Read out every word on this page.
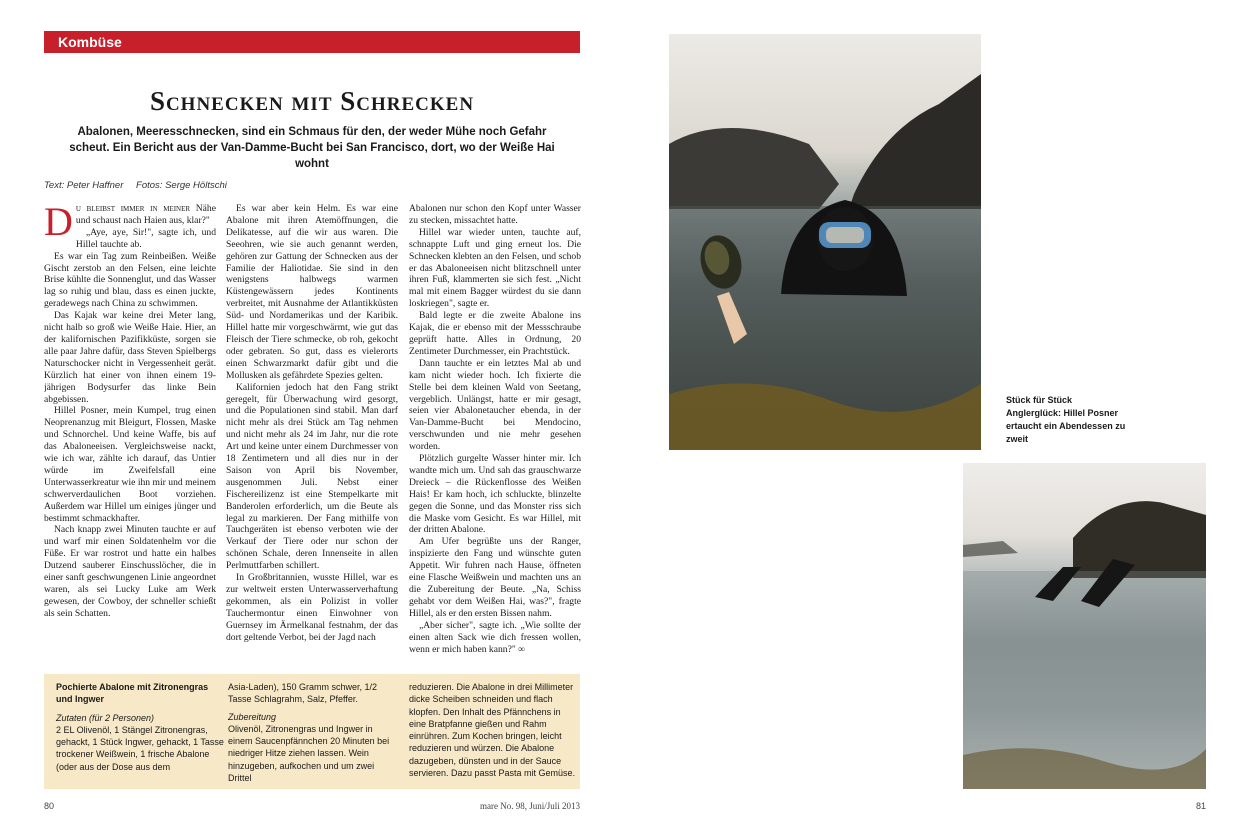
Kombüse
Schnecken mit Schrecken
Abalonen, Meeresschnecken, sind ein Schmaus für den, der weder Mühe noch Gefahr scheut. Ein Bericht aus der Van-Damme-Bucht bei San Francisco, dort, wo der Weiße Hai wohnt
Text: Peter Haffner Fotos: Serge Höltschi

Du bleibst immer in meiner Nähe und schaust nach Haien aus, klar?"

„Aye, aye, Sir!", sagte ich, und Hillel tauchte ab.

Es war ein Tag zum Reinbeißen. Weiße Gischt zerstob an den Felsen, eine leichte Brise kühlte die Sonnenglut, und das Wasser lag so ruhig und blau, dass es einen juckte, geradewegs nach China zu schwimmen.

Das Kajak war keine drei Meter lang, nicht halb so groß wie Weiße Haie. Hier, an der kalifornischen Pazifikküste, sorgen sie alle paar Jahre dafür, dass Steven Spielbergs Naturschocker nicht in Vergessenheit gerät. Kürzlich hat einer von ihnen einem 19-jährigen Bodysurfer das linke Bein abgebissen.

Hillel Posner, mein Kumpel, trug einen Neoprenanzug mit Bleigurt, Flossen, Maske und Schnorchel. Und keine Waffe, bis auf das Abaloneeisen. Vergleichsweise nackt, wie ich war, zählte ich darauf, das Untier würde im Zweifelsfall eine Unterwasserkreatur wie ihn mir und meinem schwerverdaulichen Boot vorziehen. Außerdem war Hillel um einiges jünger und bestimmt schmackhafter.

Nach knapp zwei Minuten tauchte er auf und warf mir einen Soldatenhelm vor die Füße. Er war rostrot und hatte ein halbes Dutzend sauberer Einschusslöcher, die in einer sanft geschwungenen Linie angeordnet waren, als sei Lucky Luke am Werk gewesen, der Cowboy, der schneller schießt als sein Schatten.

Es war aber kein Helm. Es war eine Abalone mit ihren Atemöffnungen, die Delikatesse, auf die wir aus waren. Die Seeohren, wie sie auch genannt werden, gehören zur Gattung der Schnecken aus der Familie der Haliotidae. Sie sind in den wenigstens halbwegs warmen Küstengewässern jedes Kontinents verbreitet, mit Ausnahme der Atlantikküsten Süd- und Nordamerikas und der Karibik. Hillel hatte mir vorgeschwärmt, wie gut das Fleisch der Tiere schmecke, ob roh, gekocht oder gebraten. So gut, dass es vielerorts einen Schwarzmarkt dafür gibt und die Mollusken als gefährdete Spezies gelten.

Kalifornien jedoch hat den Fang strikt geregelt, für Überwachung wird gesorgt, und die Populationen sind stabil. Man darf nicht mehr als drei Stück am Tag nehmen und nicht mehr als 24 im Jahr, nur die rote Art und keine unter einem Durchmesser von 18 Zentimetern und all dies nur in der Saison von April bis November, ausgenommen Juli. Nebst einer Fischereilizenz ist eine Stempelkarte mit Banderolen erforderlich, um die Beute als legal zu markieren. Der Fang mithilfe von Tauchgeräten ist ebenso verboten wie der Verkauf der Tiere oder nur schon der schönen Schale, deren Innenseite in allen Perlmuttfarben schillert.

In Großbritannien, wusste Hillel, war es zur weltweit ersten Unterwasserverhaftung gekommen, als ein Polizist in voller Tauchermontur einen Einwohner von Guernsey im Ärmelkanal festnahm, der das dort geltende Verbot, bei der Jagd nach

Abalonen nur schon den Kopf unter Wasser zu stecken, missachtet hatte.

Hillel war wieder unten, tauchte auf, schnappte Luft und ging erneut los. Die Schnecken klebten an den Felsen, und schob er das Abaloneeisen nicht blitzschnell unter ihren Fuß, klammerten sie sich fest. „Nicht mal mit einem Bagger würdest du sie dann loskriegen", sagte er.

Bald legte er die zweite Abalone ins Kajak, die er ebenso mit der Messschraube geprüft hatte. Alles in Ordnung, 20 Zentimeter Durchmesser, ein Prachtstück.

Dann tauchte er ein letztes Mal ab und kam nicht wieder hoch. Ich fixierte die Stelle bei dem kleinen Wald von Seetang, vergeblich. Unlängst, hatte er mir gesagt, seien vier Abalonetaucher ebenda, in der Van-Damme-Bucht bei Mendocino, verschwunden und nie mehr gesehen worden.

Plötzlich gurgelte Wasser hinter mir. Ich wandte mich um. Und sah das grauschwarze Dreieck – die Rückenflosse des Weißen Hais! Er kam hoch, ich schluckte, blinzelte gegen die Sonne, und das Monster riss sich die Maske vom Gesicht. Es war Hillel, mit der dritten Abalone.

Am Ufer begrüßte uns der Ranger, inspizierte den Fang und wünschte guten Appetit. Wir fuhren nach Hause, öffneten eine Flasche Weißwein und machten uns an die Zubereitung der Beute. „Na, Schiss gehabt vor dem Weißen Hai, was?", fragte Hillel, als er den ersten Bissen nahm.

„Aber sicher", sagte ich. „Wie sollte der einen alten Sack wie dich fressen wollen, wenn er mich haben kann?" ∞

Pochierte Abalone mit Zitronengras und Ingwer
Zutaten (für 2 Personen)
2 EL Olivenöl, 1 Stängel Zitronengras, gehackt, 1 Stück Ingwer, gehackt, 1 Tasse trockener Weißwein, 1 frische Abalone (oder aus der Dose aus dem
Asia-Laden), 150 Gramm schwer, 1/2 Tasse Schlagrahm, Salz, Pfeffer.
Zubereitung
Olivenöl, Zitronengras und Ingwer in einem Saucenpfännchen 20 Minuten bei niedriger Hitze ziehen lassen. Wein hinzugeben, aufkochen und um zwei Drittel
reduzieren. Die Abalone in drei Millimeter dicke Scheiben schneiden und flach klopfen. Den Inhalt des Pfännchens in eine Bratpfanne gießen und Rahm einrühren. Zum Kochen bringen, leicht reduzieren und würzen. Die Abalone dazugeben, dünsten und in der Sauce servieren. Dazu passt Pasta mit Gemüse.
80	mare No. 98, Juni/Juli 2013	81
Stück für Stück Anglerglück: Hillel Posner ertaucht ein Abendessen zu zweit
